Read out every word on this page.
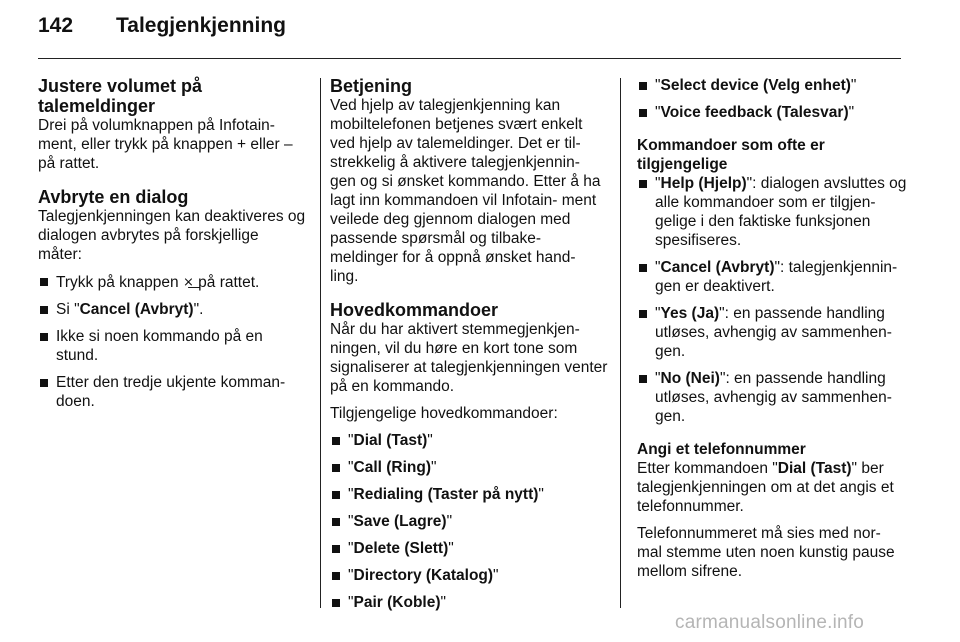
142	Talegjenkjenning
Justere volumet på talemeldinger

Drei på volumknappen på Infotain- ment, eller trykk på knappen + eller – på rattet.

Avbryte en dialog

Talegjenkjenningen kan deaktiveres og dialogen avbrytes på forskjellige måter:

Trykk på knappen ⨯͟ på rattet.
Si "Cancel (Avbryt)".
Ikke si noen kommando på en stund.
Etter den tredje ukjente komman- doen.
Betjening

Ved hjelp av talegjenkjenning kan mobiltelefonen betjenes svært enkelt ved hjelp av talemeldinger. Det er til- strekkelig å aktivere talegjenkjennin- gen og si ønsket kommando. Etter å ha lagt inn kommandoen vil Infotain- ment veilede deg gjennom dialogen med passende spørsmål og tilbake- meldinger for å oppnå ønsket hand- ling.

Hovedkommandoer

Når du har aktivert stemmegjenkjen- ningen, vil du høre en kort tone som signaliserer at talegjenkjenningen venter på en kommando.

Tilgjengelige hovedkommandoer:

"Dial (Tast)"
"Call (Ring)"
"Redialing (Taster på nytt)"
"Save (Lagre)"
"Delete (Slett)"
"Directory (Katalog)"
"Pair (Koble)"
"Select device (Velg enhet)"
"Voice feedback (Talesvar)"
Kommandoer som ofte er tilgjengelige
"Help (Hjelp)": dialogen avsluttes og alle kommandoer som er tilgjen- gelige i den faktiske funksjonen spesifiseres.
"Cancel (Avbryt)": talegjenkjennin- gen er deaktivert.
"Yes (Ja)": en passende handling utløses, avhengig av sammenhen- gen.
"No (Nei)": en passende handling utløses, avhengig av sammenhen- gen.
Angi et telefonnummer

Etter kommandoen "Dial (Tast)" ber talegjenkjenningen om at det angis et telefonnummer.

Telefonnummeret må sies med nor- mal stemme uten noen kunstig pause mellom sifrene.

carmanualsonline.info
